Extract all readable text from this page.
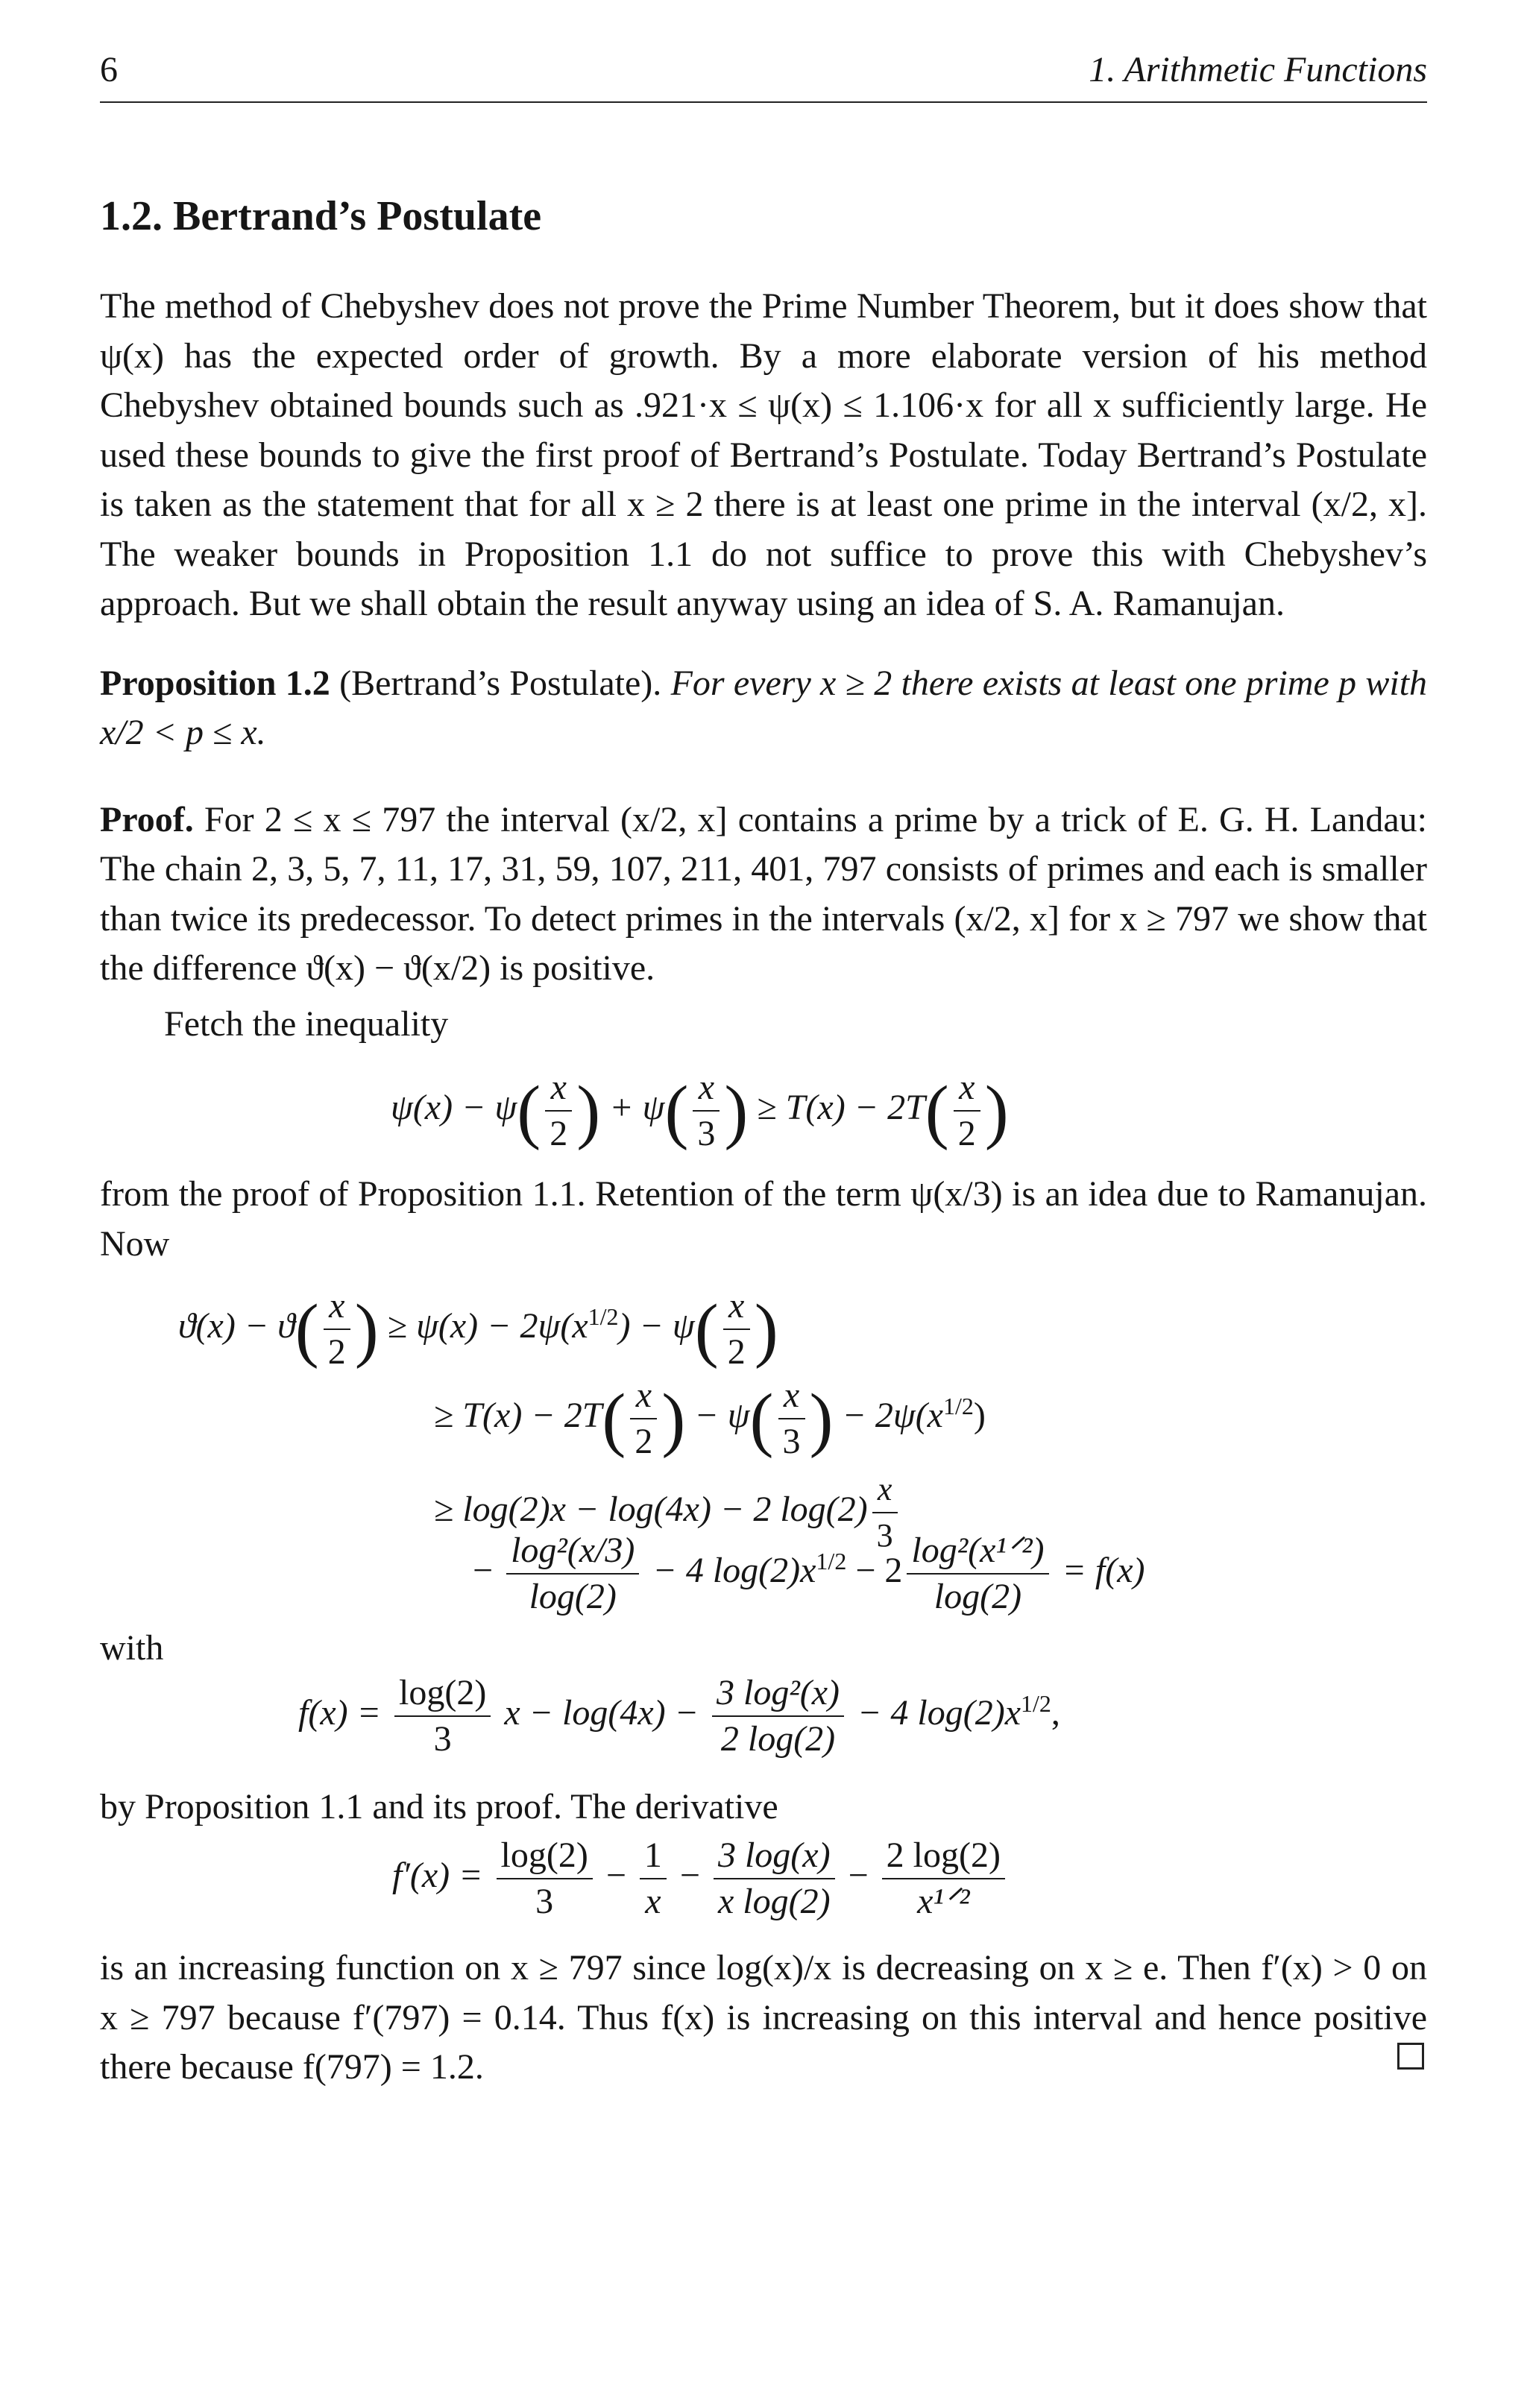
6	1. Arithmetic Functions
1.2. Bertrand’s Postulate

The method of Chebyshev does not prove the Prime Number Theorem, but it does show that ψ(x) has the expected order of growth. By a more elaborate version of his method Chebyshev obtained bounds such as .921·x ≤ ψ(x) ≤ 1.106·x for all x sufficiently large. He used these bounds to give the first proof of Bertrand’s Postulate. Today Bertrand’s Postulate is taken as the statement that for all x ≥ 2 there is at least one prime in the interval (x/2, x]. The weaker bounds in Proposition 1.1 do not suffice to prove this with Chebyshev’s approach. But we shall obtain the result anyway using an idea of S. A. Ramanujan.

Proposition 1.2 (Bertrand’s Postulate). For every x ≥ 2 there exists at least one prime p with x/2 < p ≤ x.

Proof. For 2 ≤ x ≤ 797 the interval (x/2, x] contains a prime by a trick of E. G. H. Landau: The chain 2, 3, 5, 7, 11, 17, 31, 59, 107, 211, 401, 797 consists of primes and each is smaller than twice its predecessor. To detect primes in the intervals (x/2, x] for x ≥ 797 we show that the difference ϑ(x) − ϑ(x/2) is positive.

Fetch the inequality

$\psi(x) - \psi( \frac{x}{2}$ ) + $\psi( \frac{x}{3}$ ) ≥ $T(x) - 2T( \frac{x}{2}$ )

from the proof of Proposition 1.1. Retention of the term ψ(x/3) is an idea due to Ramanujan. Now

$ϑ(x) - ϑ( \frac{x}{2}$ ) ≥ $\psi(x) - 2\psi(x^{1/2}) - \psi( \frac{x}{2}$ )
≥ $T(x) - 2T( \frac{x}{2}$ ) − $\psi( \frac{x}{3}$ ) − $2\psi(x^{1/2})$
≥ log(2)x − log(4x) − 2 $\log(2) \frac{x}{3}$
− $\frac{\text{log²(x/3)}}{\log(2)} - 4$ $\log(2)x^{1/2} - 2 \frac{\text{log²(x¹ᐟ²)}}{\log(2)} = f(x)$

with

$f(x) = \frac{\log(2)}{3}$ $x - \log(4x) - \frac{\text{3 log²(x)}}{2 \log(2)} - 4$ $\log(2)x^{1/2}$,

by Proposition 1.1 and its proof. The derivative

$f'(x) = \frac{\log(2)}{3} - \frac{1}{x} - \frac{3 \log(x)}{\text{x log(2)}} - \frac{2 \log(2)}{\text{x¹ᐟ²}}$

is an increasing function on x ≥ 797 since log(x)/x is decreasing on x ≥ e. Then f′(x) > 0 on x ≥ 797 because f′(797) = 0.14. Thus f(x) is increasing on this interval and hence positive there because f(797) = 1.2.
